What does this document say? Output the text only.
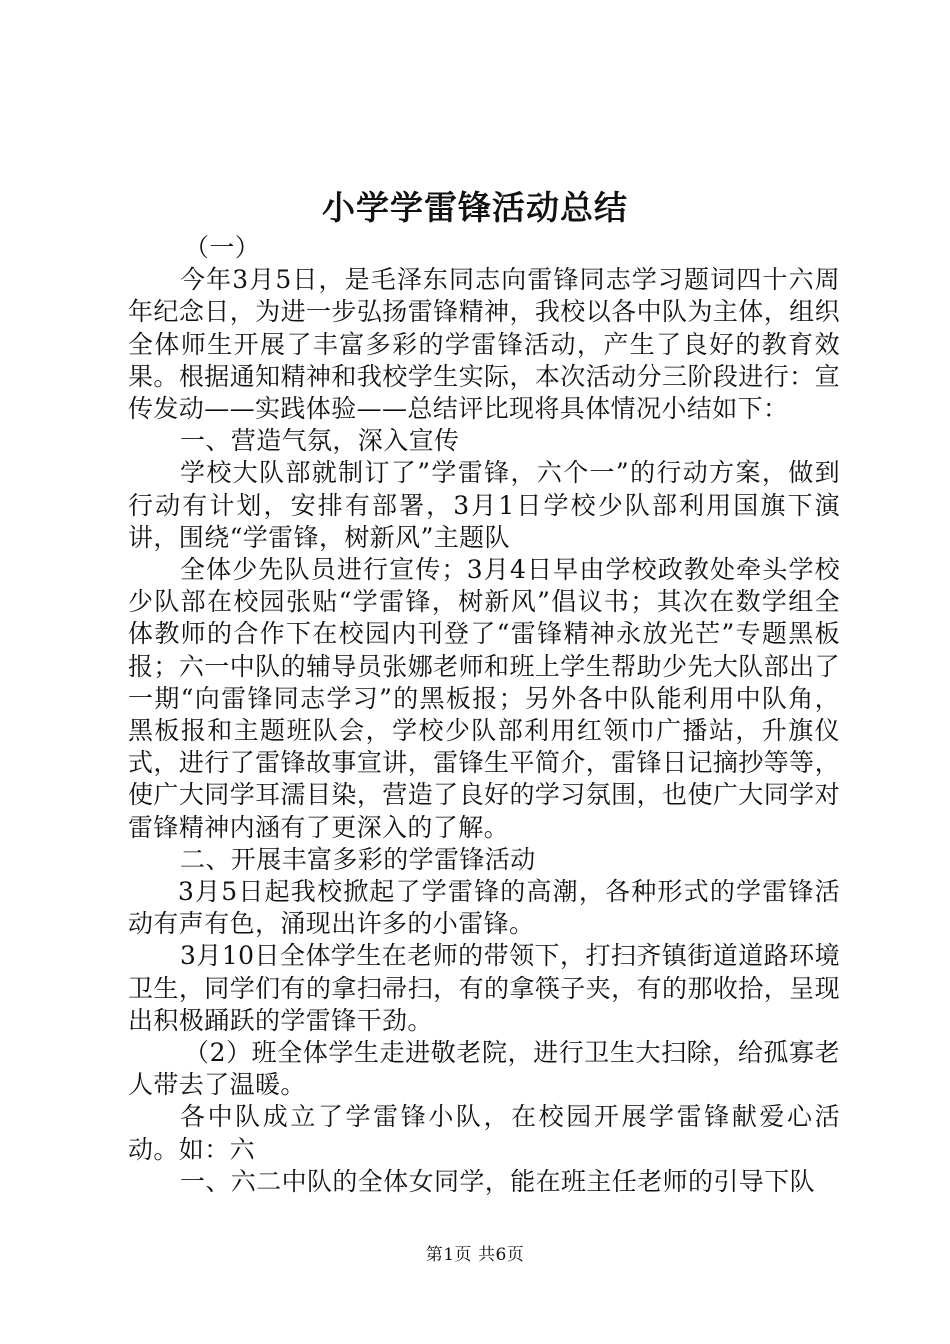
小学学雷锋活动总结

（一）

今年3月5日，是毛泽东同志向雷锋同志学习题词四十六周年纪念日，为进一步弘扬雷锋精神，我校以各中队为主体，组织全体师生开展了丰富多彩的学雷锋活动，产生了良好的教育效果。根据通知精神和我校学生实际，本次活动分三阶段进行：宣传发动——实践体验——总结评比现将具体情况小结如下：

一、营造气氛，深入宣传

学校大队部就制订了”学雷锋，六个一”的行动方案，做到行动有计划，安排有部署，3月1日学校少队部利用国旗下演讲，围绕“学雷锋，树新风”主题队

全体少先队员进行宣传；3月4日早由学校政教处牵头学校少队部在校园张贴“学雷锋，树新风”倡议书；其次在数学组全体教师的合作下在校园内刊登了“雷锋精神永放光芒”专题黑板报；六一中队的辅导员张娜老师和班上学生帮助少先大队部出了一期“向雷锋同志学习”的黑板报；另外各中队能利用中队角，黑板报和主题班队会，学校少队部利用红领巾广播站，升旗仪式，进行了雷锋故事宣讲，雷锋生平简介，雷锋日记摘抄等等，使广大同学耳濡目染，营造了良好的学习氛围，也使广大同学对雷锋精神内涵有了更深入的了解。

二、开展丰富多彩的学雷锋活动

3月5日起我校掀起了学雷锋的高潮，各种形式的学雷锋活动有声有色，涌现出许多的小雷锋。

3月10日全体学生在老师的带领下，打扫齐镇街道道路环境卫生，同学们有的拿扫帚扫，有的拿筷子夹，有的那收拾，呈现出积极踊跃的学雷锋干劲。

（2）班全体学生走进敬老院，进行卫生大扫除，给孤寡老人带去了温暖。

各中队成立了学雷锋小队，在校园开展学雷锋献爱心活动。如：六

一、六二中队的全体女同学，能在班主任老师的引导下队

第1页 共6页
